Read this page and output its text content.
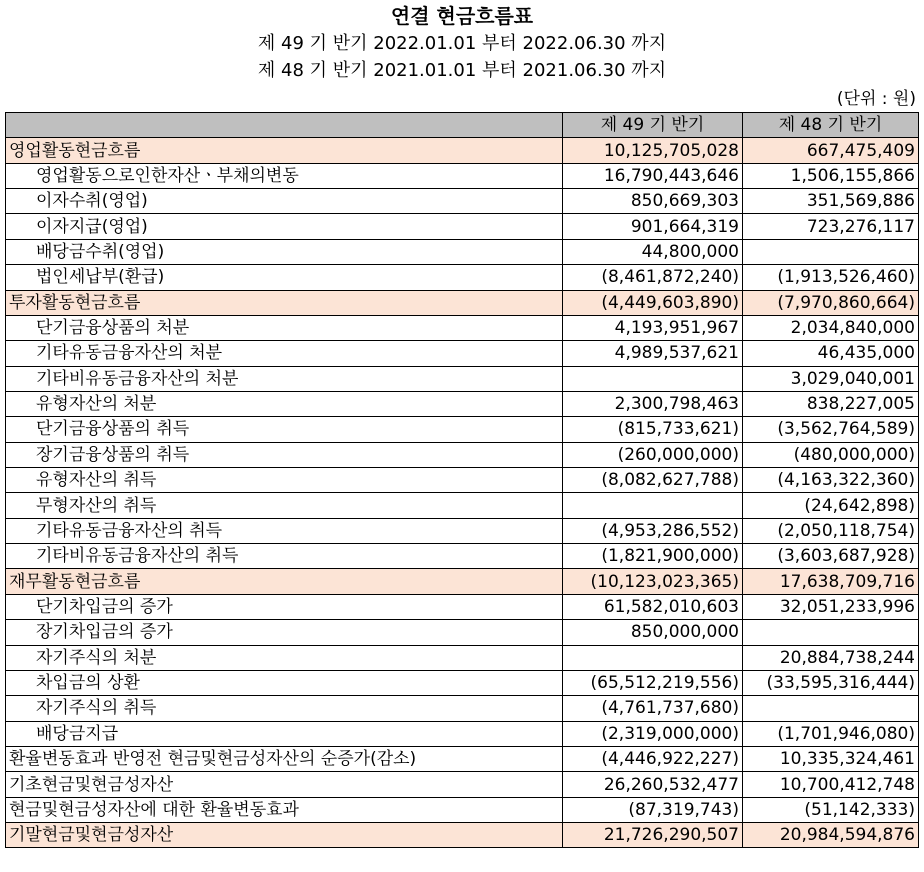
연결 현금흐름표
제 49 기 반기 2022.01.01 부터 2022.06.30 까지
제 48 기 반기 2021.01.01 부터 2021.06.30 까지
(단위 : 원)
	제 49 기 반기	제 48 기 반기
영업활동현금흐름	10,125,705,028	667,475,409
영업활동으로인한자산ㆍ부채의변동	16,790,443,646	1,506,155,866
이자수취(영업)	850,669,303	351,569,886
이자지급(영업)	901,664,319	723,276,117
배당금수취(영업)	44,800,000	
법인세납부(환급)	(8,461,872,240)	(1,913,526,460)
투자활동현금흐름	(4,449,603,890)	(7,970,860,664)
단기금융상품의 처분	4,193,951,967	2,034,840,000
기타유동금융자산의 처분	4,989,537,621	46,435,000
기타비유동금융자산의 처분		3,029,040,001
유형자산의 처분	2,300,798,463	838,227,005
단기금융상품의 취득	(815,733,621)	(3,562,764,589)
장기금융상품의 취득	(260,000,000)	(480,000,000)
유형자산의 취득	(8,082,627,788)	(4,163,322,360)
무형자산의 취득		(24,642,898)
기타유동금융자산의 취득	(4,953,286,552)	(2,050,118,754)
기타비유동금융자산의 취득	(1,821,900,000)	(3,603,687,928)
재무활동현금흐름	(10,123,023,365)	17,638,709,716
단기차입금의 증가	61,582,010,603	32,051,233,996
장기차입금의 증가	850,000,000	
자기주식의 처분		20,884,738,244
차입금의 상환	(65,512,219,556)	(33,595,316,444)
자기주식의 취득	(4,761,737,680)	
배당금지급	(2,319,000,000)	(1,701,946,080)
환율변동효과 반영전 현금및현금성자산의 순증가(감소)	(4,446,922,227)	10,335,324,461
기초현금및현금성자산	26,260,532,477	10,700,412,748
현금및현금성자산에 대한 환율변동효과	(87,319,743)	(51,142,333)
기말현금및현금성자산	21,726,290,507	20,984,594,876
